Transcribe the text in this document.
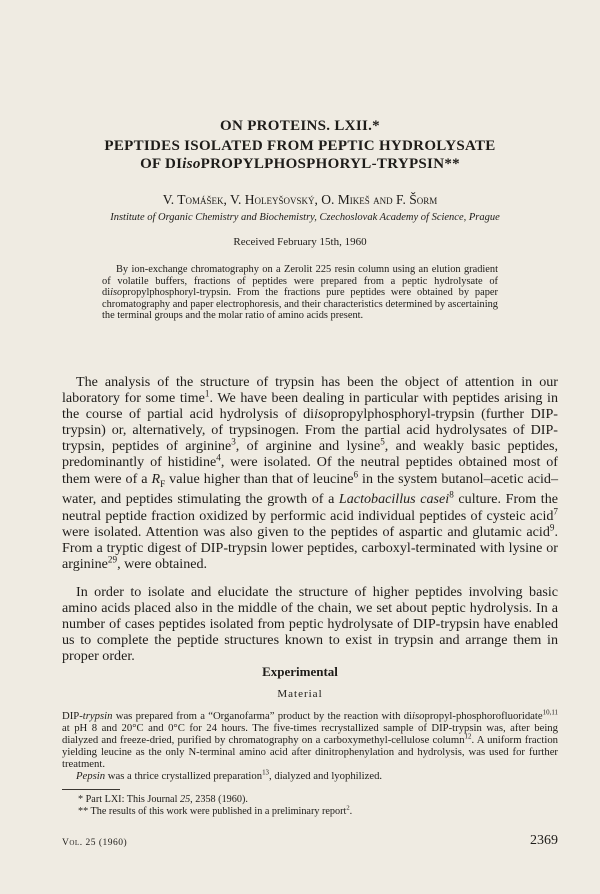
ON PROTEINS. LXII.*
PEPTIDES ISOLATED FROM PEPTIC HYDROLYSATE
OF DIisoPROPYLPHOSPHORYL-TRYPSIN**
V. Tomášek, V. Holeyšovský, O. Mikeš and F. Šorm
Institute of Organic Chemistry and Biochemistry, Czechoslovak Academy of Science, Prague
Received February 15th, 1960

By ion-exchange chromatography on a Zerolit 225 resin column using an elution gradient of volatile buffers, fractions of peptides were prepared from a peptic hydrolysate of diisopropylphosphoryl-trypsin. From the fractions pure peptides were obtained by paper chromatography and paper electrophoresis, and their characteristics determined by ascertaining the terminal groups and the molar ratio of amino acids present.

The analysis of the structure of trypsin has been the object of attention in our laboratory for some time$^1$. We have been dealing in particular with peptides arising in the course of partial acid hydrolysis of diisopropylphosphoryl-trypsin (further DIP-trypsin) or, alternatively, of trypsinogen. From the partial acid hydrolysates of DIP-trypsin, peptides of arginine$^3$, of arginine and lysine$^5$, and weakly basic peptides, predominantly of histidine$^4$, were isolated. Of the neutral peptides obtained most of them were of a $R_F$ value higher than that of leucine$^6$ in the system butanol–acetic acid–water, and peptides stimulating the growth of a Lactobacillus casei$^8$ culture. From the neutral peptide fraction oxidized by performic acid individual peptides of cysteic acid$^7$ were isolated. Attention was also given to the peptides of aspartic and glutamic acid$^9$. From a tryptic digest of DIP-trypsin lower peptides, carboxyl-terminated with lysine or arginine$^{29}$, were obtained.

In order to isolate and elucidate the structure of higher peptides involving basic amino acids placed also in the middle of the chain, we set about peptic hydrolysis. In a number of cases peptides isolated from peptic hydrolysate of DIP-trypsin have enabled us to complete the peptide structures known to exist in trypsin and arrange them in proper order.

Experimental
Material

DIP-trypsin was prepared from a “Organofarma” product by the reaction with diisopropyl-phosphorofluoridate$^{10,11}$ at pH 8 and 20°C and 0°C for 24 hours. The five-times recrystallized sample of DIP-trypsin was, after being dialyzed and freeze-dried, purified by chromatography on a carboxymethyl-cellulose column$^{12}$. A uniform fraction yielding leucine as the only N-terminal amino acid after dinitrophenylation and hydrolysis, was used for further treatment.

Pepsin was a thrice crystallized preparation$^{13}$, dialyzed and lyophilized.

* Part LXI: This Journal 25, 2358 (1960).

** The results of this work were published in a preliminary report$^2$.

Vol. 25 (1960)	2369
